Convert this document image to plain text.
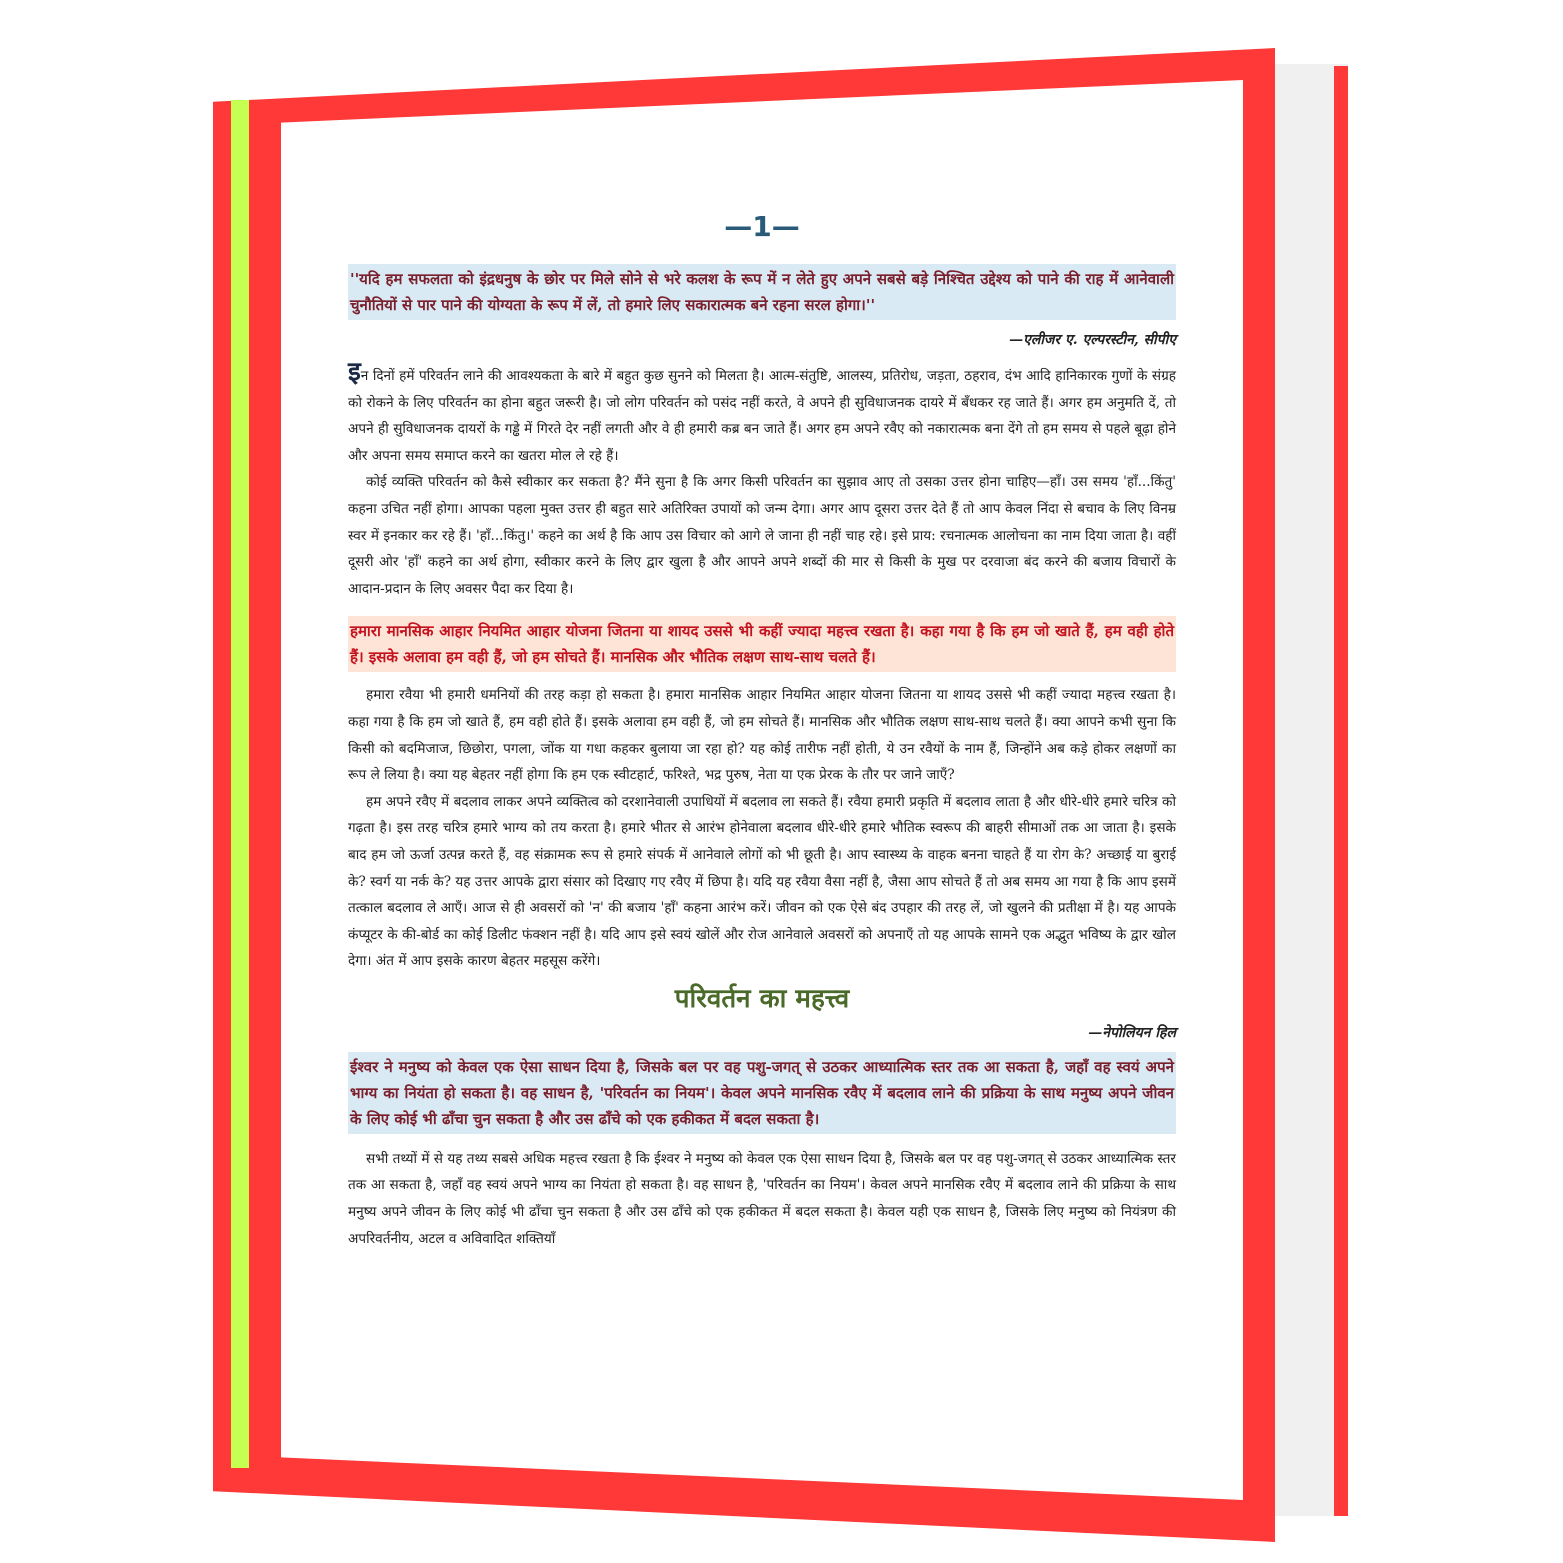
—1—
''यदि हम सफलता को इंद्रधनुष के छोर पर मिले सोने से भरे कलश के रूप में न लेते हुए अपने सबसे बड़े निश्चित उद्देश्य को पाने की राह में आनेवाली चुनौतियों से पार पाने की योग्यता के रूप में लें, तो हमारे लिए सकारात्मक बने रहना सरल होगा।''
—एलीजर ए. एल्परस्टीन, सीपीए

इन दिनों हमें परिवर्तन लाने की आवश्यकता के बारे में बहुत कुछ सुनने को मिलता है। आत्म-संतुष्टि, आलस्य, प्रतिरोध, जड़ता, ठहराव, दंभ आदि हानिकारक गुणों के संग्रह को रोकने के लिए परिवर्तन का होना बहुत जरूरी है। जो लोग परिवर्तन को पसंद नहीं करते, वे अपने ही सुविधाजनक दायरे में बँधकर रह जाते हैं। अगर हम अनुमति दें, तो अपने ही सुविधाजनक दायरों के गड्ढे में गिरते देर नहीं लगती और वे ही हमारी कब्र बन जाते हैं। अगर हम अपने रवैए को नकारात्मक बना देंगे तो हम समय से पहले बूढ़ा होने और अपना समय समाप्त करने का खतरा मोल ले रहे हैं।

कोई व्यक्ति परिवर्तन को कैसे स्वीकार कर सकता है? मैंने सुना है कि अगर किसी परिवर्तन का सुझाव आए तो उसका उत्तर होना चाहिए—हाँ। उस समय 'हाँ...किंतु' कहना उचित नहीं होगा। आपका पहला मुक्त उत्तर ही बहुत सारे अतिरिक्त उपायों को जन्म देगा। अगर आप दूसरा उत्तर देते हैं तो आप केवल निंदा से बचाव के लिए विनम्र स्वर में इनकार कर रहे हैं। 'हाँ...किंतु।' कहने का अर्थ है कि आप उस विचार को आगे ले जाना ही नहीं चाह रहे। इसे प्राय: रचनात्मक आलोचना का नाम दिया जाता है। वहीं दूसरी ओर 'हाँ' कहने का अर्थ होगा, स्वीकार करने के लिए द्वार खुला है और आपने अपने शब्दों की मार से किसी के मुख पर दरवाजा बंद करने की बजाय विचारों के आदान-प्रदान के लिए अवसर पैदा कर दिया है।

हमारा मानसिक आहार नियमित आहार योजना जितना या शायद उससे भी कहीं ज्यादा महत्त्व रखता है। कहा गया है कि हम जो खाते हैं, हम वही होते हैं। इसके अलावा हम वही हैं, जो हम सोचते हैं। मानसिक और भौतिक लक्षण साथ-साथ चलते हैं।

हमारा रवैया भी हमारी धमनियों की तरह कड़ा हो सकता है। हमारा मानसिक आहार नियमित आहार योजना जितना या शायद उससे भी कहीं ज्यादा महत्त्व रखता है। कहा गया है कि हम जो खाते हैं, हम वही होते हैं। इसके अलावा हम वही हैं, जो हम सोचते हैं। मानसिक और भौतिक लक्षण साथ-साथ चलते हैं। क्या आपने कभी सुना कि किसी को बदमिजाज, छिछोरा, पगला, जोंक या गधा कहकर बुलाया जा रहा हो? यह कोई तारीफ नहीं होती, ये उन रवैयों के नाम हैं, जिन्होंने अब कड़े होकर लक्षणों का रूप ले लिया है। क्या यह बेहतर नहीं होगा कि हम एक स्वीटहार्ट, फरिश्ते, भद्र पुरुष, नेता या एक प्रेरक के तौर पर जाने जाएँ?

हम अपने रवैए में बदलाव लाकर अपने व्यक्तित्व को दरशानेवाली उपाधियों में बदलाव ला सकते हैं। रवैया हमारी प्रकृति में बदलाव लाता है और धीरे-धीरे हमारे चरित्र को गढ़ता है। इस तरह चरित्र हमारे भाग्य को तय करता है। हमारे भीतर से आरंभ होनेवाला बदलाव धीरे-धीरे हमारे भौतिक स्वरूप की बाहरी सीमाओं तक आ जाता है। इसके बाद हम जो ऊर्जा उत्पन्न करते हैं, वह संक्रामक रूप से हमारे संपर्क में आनेवाले लोगों को भी छूती है। आप स्वास्थ्य के वाहक बनना चाहते हैं या रोग के? अच्छाई या बुराई के? स्वर्ग या नर्क के? यह उत्तर आपके द्वारा संसार को दिखाए गए रवैए में छिपा है। यदि यह रवैया वैसा नहीं है, जैसा आप सोचते हैं तो अब समय आ गया है कि आप इसमें तत्काल बदलाव ले आएँ। आज से ही अवसरों को 'न' की बजाय 'हाँ' कहना आरंभ करें। जीवन को एक ऐसे बंद उपहार की तरह लें, जो खुलने की प्रतीक्षा में है। यह आपके कंप्यूटर के की-बोर्ड का कोई डिलीट फंक्शन नहीं है। यदि आप इसे स्वयं खोलें और रोज आनेवाले अवसरों को अपनाएँ तो यह आपके सामने एक अद्भुत भविष्य के द्वार खोल देगा। अंत में आप इसके कारण बेहतर महसूस करेंगे।

परिवर्तन का महत्त्व
—नेपोलियन हिल
ईश्वर ने मनुष्य को केवल एक ऐसा साधन दिया है, जिसके बल पर वह पशु-जगत् से उठकर आध्यात्मिक स्तर तक आ सकता है, जहाँ वह स्वयं अपने भाग्य का नियंता हो सकता है। वह साधन है, 'परिवर्तन का नियम'। केवल अपने मानसिक रवैए में बदलाव लाने की प्रक्रिया के साथ मनुष्य अपने जीवन के लिए कोई भी ढाँचा चुन सकता है और उस ढाँचे को एक हकीकत में बदल सकता है।

सभी तथ्यों में से यह तथ्य सबसे अधिक महत्त्व रखता है कि ईश्वर ने मनुष्य को केवल एक ऐसा साधन दिया है, जिसके बल पर वह पशु-जगत् से उठकर आध्यात्मिक स्तर तक आ सकता है, जहाँ वह स्वयं अपने भाग्य का नियंता हो सकता है। वह साधन है, 'परिवर्तन का नियम'। केवल अपने मानसिक रवैए में बदलाव लाने की प्रक्रिया के साथ मनुष्य अपने जीवन के लिए कोई भी ढाँचा चुन सकता है और उस ढाँचे को एक हकीकत में बदल सकता है। केवल यही एक साधन है, जिसके लिए मनुष्य को नियंत्रण की अपरिवर्तनीय, अटल व अविवादित शक्तियाँ
